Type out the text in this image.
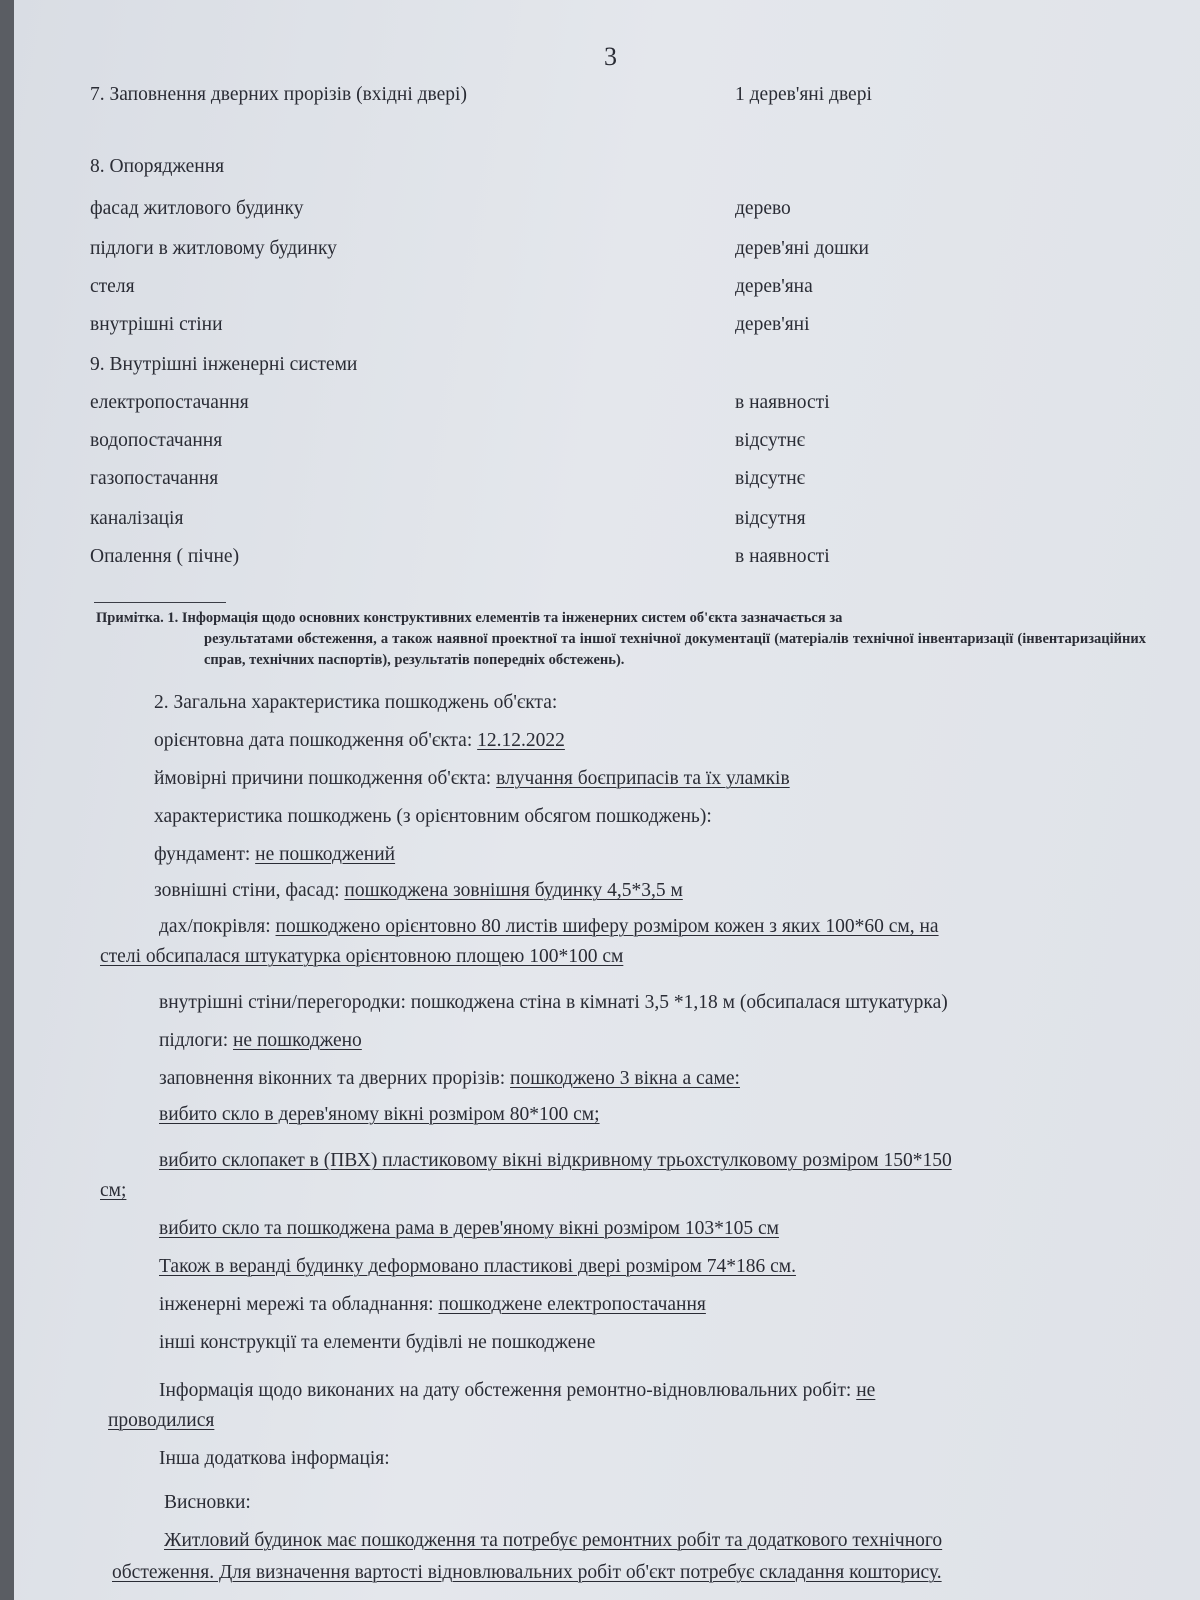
3
7. Заповнення дверних прорізів (вхідні двері)	1 дерев'яні двері
8. Опорядження
фасад житлового будинку	дерево
підлоги в житловому будинку	дерев'яні дошки
стеля	дерев'яна
внутрішні стіни	дерев'яні
9. Внутрішні інженерні системи
електропостачання	в наявності
водопостачання	відсутнє
газопостачання	відсутнє
каналізація	відсутня
Опалення ( пічне)	в наявності
Примітка. 1. Інформація щодо основних конструктивних елементів та інженерних систем об'єкта зазначається за
результатами обстеження, а також наявної проектної та іншої технічної документації (матеріалів технічної інвентаризації (інвентаризаційних справ, технічних паспортів), результатів попередніх обстежень).
2. Загальна характеристика пошкоджень об'єкта:
орієнтовна дата пошкодження об'єкта: 12.12.2022
ймовірні причини пошкодження об'єкта: влучання боєприпасів та їх уламків
характеристика пошкоджень (з орієнтовним обсягом пошкоджень):
фундамент: не пошкоджений
зовнішні стіни, фасад: пошкоджена зовнішня будинку 4,5*3,5 м
дах/покрівля: пошкоджено орієнтовно 80 листів шиферу розміром кожен з яких 100*60 см, на
стелі обсипалася штукатурка орієнтовною площею 100*100 см
внутрішні стіни/перегородки: пошкоджена стіна в кімнаті 3,5 *1,18 м (обсипалася штукатурка)
підлоги: не пошкоджено
заповнення віконних та дверних прорізів: пошкоджено 3 вікна а саме:
вибито скло в дерев'яному вікні розміром 80*100 см;
вибито склопакет в (ПВХ) пластиковому вікні відкривному трьохстулковому розміром 150*150
см;
вибито скло та пошкоджена рама в дерев'яному вікні розміром 103*105 см
Також в веранді будинку деформовано пластикові двері розміром 74*186 см.
інженерні мережі та обладнання: пошкоджене електропостачання
інші конструкції та елементи будівлі не пошкоджене
Інформація щодо виконаних на дату обстеження ремонтно-відновлювальних робіт: не
проводилися
Інша додаткова інформація:
Висновки:
Житловий будинок має пошкодження та потребує ремонтних робіт та додаткового технічного
обстеження. Для визначення вартості відновлювальних робіт об'єкт потребує складання кошторису.
